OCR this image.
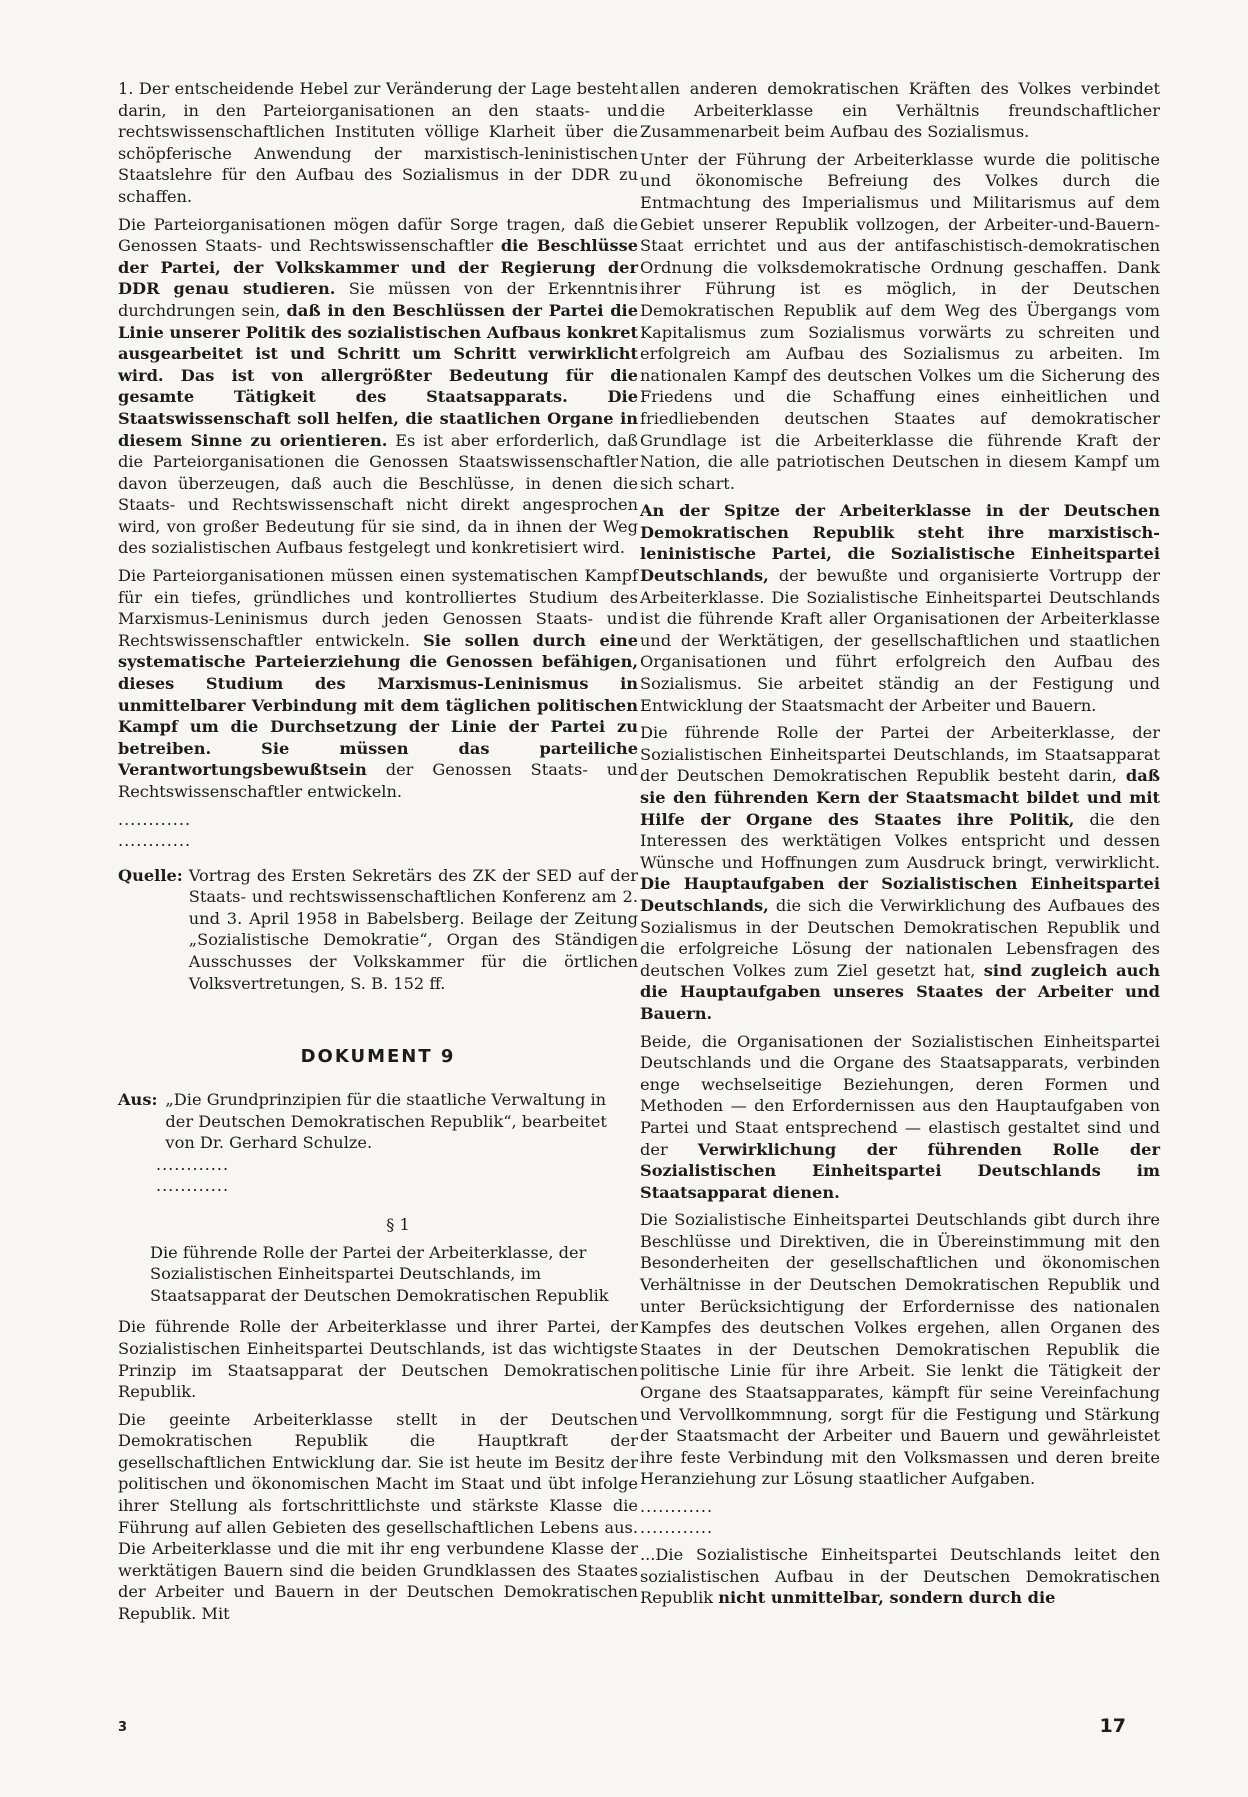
1. Der entscheidende Hebel zur Veränderung der Lage besteht darin, in den Parteiorganisationen an den staats- und rechtswissenschaftlichen Instituten völlige Klarheit über die schöpferische Anwendung der marxistisch-leninistischen Staatslehre für den Aufbau des Sozialismus in der DDR zu schaffen.

Die Parteiorganisationen mögen dafür Sorge tragen, daß die Genossen Staats- und Rechtswissenschaftler die Beschlüsse der Partei, der Volkskammer und der Regierung der DDR genau studieren. Sie müssen von der Erkenntnis durchdrungen sein, daß in den Beschlüssen der Partei die Linie unserer Politik des sozialistischen Aufbaus konkret ausgearbeitet ist und Schritt um Schritt verwirklicht wird. Das ist von allergrößter Bedeutung für die gesamte Tätigkeit des Staatsapparats. Die Staatswissenschaft soll helfen, die staatlichen Organe in diesem Sinne zu orientieren. Es ist aber erforderlich, daß die Parteiorganisationen die Genossen Staatswissenschaftler davon überzeugen, daß auch die Beschlüsse, in denen die Staats- und Rechtswissenschaft nicht direkt angesprochen wird, von großer Bedeutung für sie sind, da in ihnen der Weg des sozialistischen Aufbaus festgelegt und konkretisiert wird.

Die Parteiorganisationen müssen einen systematischen Kampf für ein tiefes, gründliches und kontrolliertes Studium des Marxismus-Leninismus durch jeden Genossen Staats- und Rechtswissenschaftler entwickeln. Sie sollen durch eine systematische Parteierziehung die Genossen befähigen, dieses Studium des Marxismus-Leninismus in unmittelbarer Verbindung mit dem täglichen politischen Kampf um die Durchsetzung der Linie der Partei zu betreiben. Sie müssen das parteiliche Verantwortungsbewußtsein der Genossen Staats- und Rechtswissenschaftler entwickeln.

............
............
Quelle: Vortrag des Ersten Sekretärs des ZK der SED auf der Staats- und rechtswissenschaftlichen Konferenz am 2. und 3. April 1958 in Babelsberg. Beilage der Zeitung „Sozialistische Demokratie“, Organ des Ständigen Ausschusses der Volkskammer für die örtlichen Volksvertretungen, S. B. 152 ff.
DOKUMENT 9
Aus: „Die Grundprinzipien für die staatliche Verwaltung in der Deutschen Demokratischen Republik“, bearbeitet von Dr. Gerhard Schulze.
............
............
§ 1
Die führende Rolle der Partei der Arbeiterklasse, der Sozialistischen Einheitspartei Deutschlands, im Staatsapparat der Deutschen Demokratischen Republik

Die führende Rolle der Arbeiterklasse und ihrer Partei, der Sozialistischen Einheitspartei Deutschlands, ist das wichtigste Prinzip im Staatsapparat der Deutschen Demokratischen Republik.

Die geeinte Arbeiterklasse stellt in der Deutschen Demokratischen Republik die Hauptkraft der gesellschaftlichen Entwicklung dar. Sie ist heute im Besitz der politischen und ökonomischen Macht im Staat und übt infolge ihrer Stellung als fortschrittlichste und stärkste Klasse die Führung auf allen Gebieten des gesellschaftlichen Lebens aus. Die Arbeiterklasse und die mit ihr eng verbundene Klasse der werktätigen Bauern sind die beiden Grundklassen des Staates der Arbeiter und Bauern in der Deutschen Demokratischen Republik. Mit

allen anderen demokratischen Kräften des Volkes verbindet die Arbeiterklasse ein Verhältnis freundschaftlicher Zusammenarbeit beim Aufbau des Sozialismus.

Unter der Führung der Arbeiterklasse wurde die politische und ökonomische Befreiung des Volkes durch die Entmachtung des Imperialismus und Militarismus auf dem Gebiet unserer Republik vollzogen, der Arbeiter-und-Bauern-Staat errichtet und aus der antifaschistisch-demokratischen Ordnung die volksdemokratische Ordnung geschaffen. Dank ihrer Führung ist es möglich, in der Deutschen Demokratischen Republik auf dem Weg des Übergangs vom Kapitalismus zum Sozialismus vorwärts zu schreiten und erfolgreich am Aufbau des Sozialismus zu arbeiten. Im nationalen Kampf des deutschen Volkes um die Sicherung des Friedens und die Schaffung eines einheitlichen und friedliebenden deutschen Staates auf demokratischer Grundlage ist die Arbeiterklasse die führende Kraft der Nation, die alle patriotischen Deutschen in diesem Kampf um sich schart.

An der Spitze der Arbeiterklasse in der Deutschen Demokratischen Republik steht ihre marxistisch-leninistische Partei, die Sozialistische Einheitspartei Deutschlands, der bewußte und organisierte Vortrupp der Arbeiterklasse. Die Sozialistische Einheitspartei Deutschlands ist die führende Kraft aller Organisationen der Arbeiterklasse und der Werktätigen, der gesellschaftlichen und staatlichen Organisationen und führt erfolgreich den Aufbau des Sozialismus. Sie arbeitet ständig an der Festigung und Entwicklung der Staatsmacht der Arbeiter und Bauern.

Die führende Rolle der Partei der Arbeiterklasse, der Sozialistischen Einheitspartei Deutschlands, im Staatsapparat der Deutschen Demokratischen Republik besteht darin, daß sie den führenden Kern der Staatsmacht bildet und mit Hilfe der Organe des Staates ihre Politik, die den Interessen des werktätigen Volkes entspricht und dessen Wünsche und Hoffnungen zum Ausdruck bringt, verwirklicht. Die Hauptaufgaben der Sozialistischen Einheitspartei Deutschlands, die sich die Verwirklichung des Aufbaues des Sozialismus in der Deutschen Demokratischen Republik und die erfolgreiche Lösung der nationalen Lebensfragen des deutschen Volkes zum Ziel gesetzt hat, sind zugleich auch die Hauptaufgaben unseres Staates der Arbeiter und Bauern.

Beide, die Organisationen der Sozialistischen Einheitspartei Deutschlands und die Organe des Staatsapparats, verbinden enge wechselseitige Beziehungen, deren Formen und Methoden — den Erfordernissen aus den Hauptaufgaben von Partei und Staat entsprechend — elastisch gestaltet sind und der Verwirklichung der führenden Rolle der Sozialistischen Einheitspartei Deutschlands im Staatsapparat dienen.

Die Sozialistische Einheitspartei Deutschlands gibt durch ihre Beschlüsse und Direktiven, die in Übereinstimmung mit den Besonderheiten der gesellschaftlichen und ökonomischen Verhältnisse in der Deutschen Demokratischen Republik und unter Berücksichtigung der Erfordernisse des nationalen Kampfes des deutschen Volkes ergehen, allen Organen des Staates in der Deutschen Demokratischen Republik die politische Linie für ihre Arbeit. Sie lenkt die Tätigkeit der Organe des Staatsapparates, kämpft für seine Vereinfachung und Vervollkommnung, sorgt für die Festigung und Stärkung der Staatsmacht der Arbeiter und Bauern und gewährleistet ihre feste Verbindung mit den Volksmassen und deren breite Heranziehung zur Lösung staatlicher Aufgaben.

............
............

...Die Sozialistische Einheitspartei Deutschlands leitet den sozialistischen Aufbau in der Deutschen Demokratischen Republik nicht unmittelbar, sondern durch die

3	17
